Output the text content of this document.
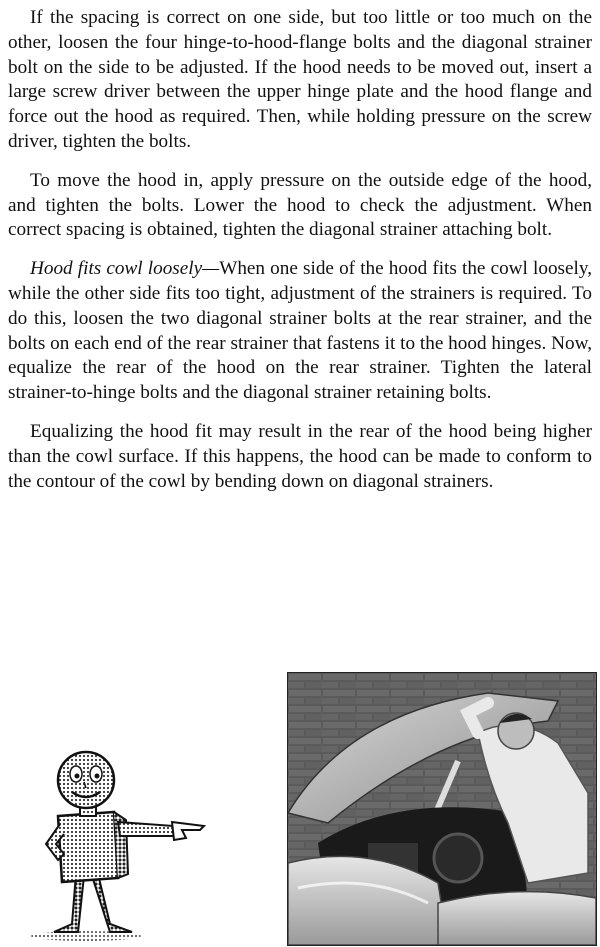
If the spacing is correct on one side, but too little or too much on the other, loosen the four hinge-to-hood-flange bolts and the diagonal strainer bolt on the side to be adjusted. If the hood needs to be moved out, insert a large screw driver between the upper hinge plate and the hood flange and force out the hood as required. Then, while holding pressure on the screw driver, tighten the bolts.

To move the hood in, apply pressure on the outside edge of the hood, and tighten the bolts. Lower the hood to check the adjustment. When correct spacing is obtained, tighten the diagonal strainer attaching bolt.

Hood fits cowl loosely—When one side of the hood fits the cowl loosely, while the other side fits too tight, adjustment of the strainers is required. To do this, loosen the two diagonal strainer bolts at the rear strainer, and the bolts on each end of the rear strainer that fastens it to the hood hinges. Now, equalize the rear of the hood on the rear strainer. Tighten the lateral strainer-to-hinge bolts and the diagonal strainer retaining bolts.

Equalizing the hood fit may result in the rear of the hood being higher than the cowl surface. If this happens, the hood can be made to conform to the contour of the cowl by bending down on diagonal strainers.
